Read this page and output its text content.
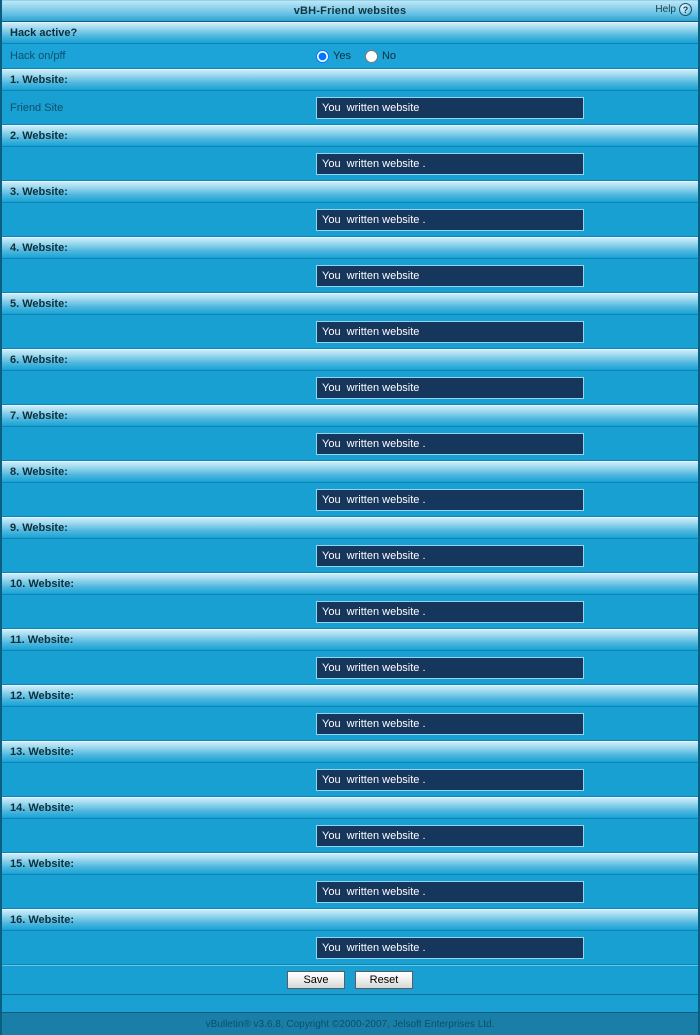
vBH-Friend websites	Help ?
Hack active?
Hack on/pff	Yes	No
1. Website:
Friend Site
You written website
2. Website:
You written website .
3. Website:
You written website .
4. Website:
You written website
5. Website:
You written website
6. Website:
You written website
7. Website:
You written website .
8. Website:
You written website .
9. Website:
You written website .
10. Website:
You written website .
11. Website:
You written website .
12. Website:
You written website .
13. Website:
You written website .
14. Website:
You written website .
15. Website:
You written website .
16. Website:
You written website .
Save	Reset
vBulletin® v3.6.8, Copyright ©2000-2007, Jelsoft Enterprises Ltd.
